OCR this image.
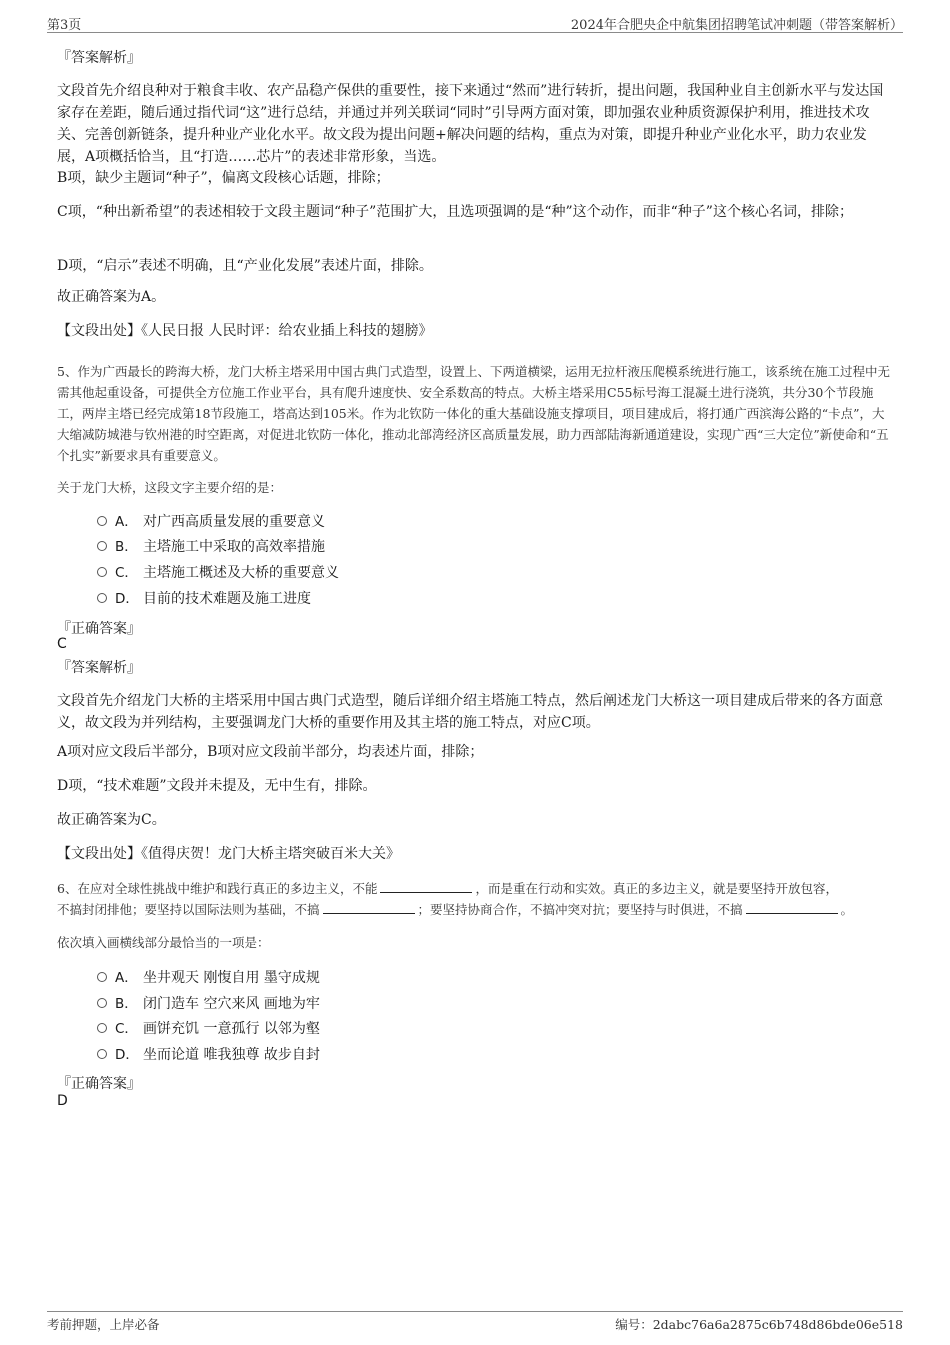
第3页	2024年合肥央企中航集团招聘笔试冲刺题（带答案解析）

『答案解析』

文段首先介绍良种对于粮食丰收、农产品稳产保供的重要性，接下来通过“然而”进行转折，提出问题，我国种业自主创新水平与发达国家存在差距，随后通过指代词“这”进行总结，并通过并列关联词“同时”引导两方面对策，即加强农业种质资源保护利用，推进技术攻关、完善创新链条，提升种业产业化水平。故文段为提出问题+解决问题的结构，重点为对策，即提升种业产业化水平，助力农业发展，A项概括恰当，且“打造……芯片”的表述非常形象，当选。

B项，缺少主题词“种子”，偏离文段核心话题，排除；

C项，“种出新希望”的表述相较于文段主题词“种子”范围扩大，且选项强调的是“种”这个动作，而非“种子”这个核心名词，排除；

D项，“启示”表述不明确，且“产业化发展”表述片面，排除。

故正确答案为A。

【文段出处】《人民日报 人民时评：给农业插上科技的翅膀》

5、作为广西最长的跨海大桥，龙门大桥主塔采用中国古典门式造型，设置上、下两道横梁，运用无拉杆液压爬模系统进行施工，该系统在施工过程中无需其他起重设备，可提供全方位施工作业平台，具有爬升速度快、安全系数高的特点。大桥主塔采用C55标号海工混凝土进行浇筑，共分30个节段施工，两岸主塔已经完成第18节段施工，塔高达到105米。作为北钦防一体化的重大基础设施支撑项目，项目建成后，将打通广西滨海公路的“卡点”，大大缩减防城港与钦州港的时空距离，对促进北钦防一体化，推动北部湾经济区高质量发展，助力西部陆海新通道建设，实现广西“三大定位”新使命和“五个扎实”新要求具有重要意义。

关于龙门大桥，这段文字主要介绍的是：

A． 对广西高质量发展的重要意义
B． 主塔施工中采取的高效率措施
C． 主塔施工概述及大桥的重要意义
D． 目前的技术难题及施工进度

『正确答案』

C

『答案解析』

文段首先介绍龙门大桥的主塔采用中国古典门式造型，随后详细介绍主塔施工特点，然后阐述龙门大桥这一项目建成后带来的各方面意义，故文段为并列结构，主要强调龙门大桥的重要作用及其主塔的施工特点，对应C项。

A项对应文段后半部分，B项对应文段前半部分，均表述片面，排除；

D项，“技术难题”文段并未提及，无中生有，排除。

故正确答案为C。

【文段出处】《值得庆贺！龙门大桥主塔突破百米大关》

6、在应对全球性挑战中维护和践行真正的多边主义，不能	，而是重在行动和实效。真正的多边主义，就是要坚持开放包容，
不搞封闭排他；要坚持以国际法则为基础，不搞	；要坚持协商合作，不搞冲突对抗；要坚持与时俱进，不搞	。

依次填入画横线部分最恰当的一项是：

A． 坐井观天 刚愎自用 墨守成规
B． 闭门造车 空穴来风 画地为牢
C． 画饼充饥 一意孤行 以邻为壑
D． 坐而论道 唯我独尊 故步自封

『正确答案』

D

考前押题，上岸必备	编号：2dabc76a6a2875c6b748d86bde06e518
